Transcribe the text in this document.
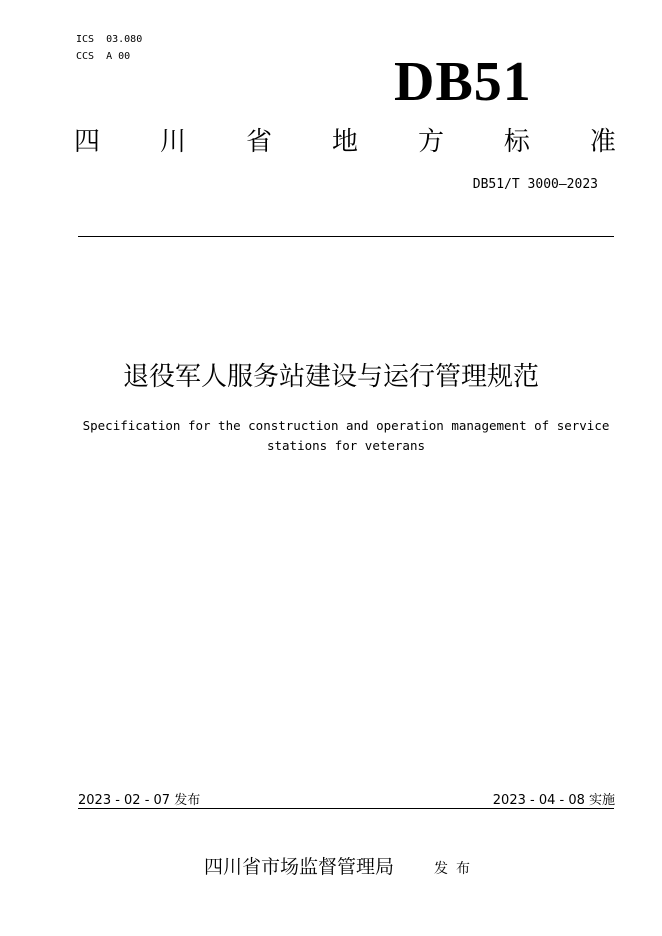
ICS  03.080
CCS  A 00	DB51
四 川 省 地 方 标 准
DB51/T 3000—2023
退役军人服务站建设与运行管理规范
Specification for the construction and operation management of service stations for veterans
2023 - 02 - 07 发布	2023 - 04 - 08 实施
四川省市场监督管理局	发布
